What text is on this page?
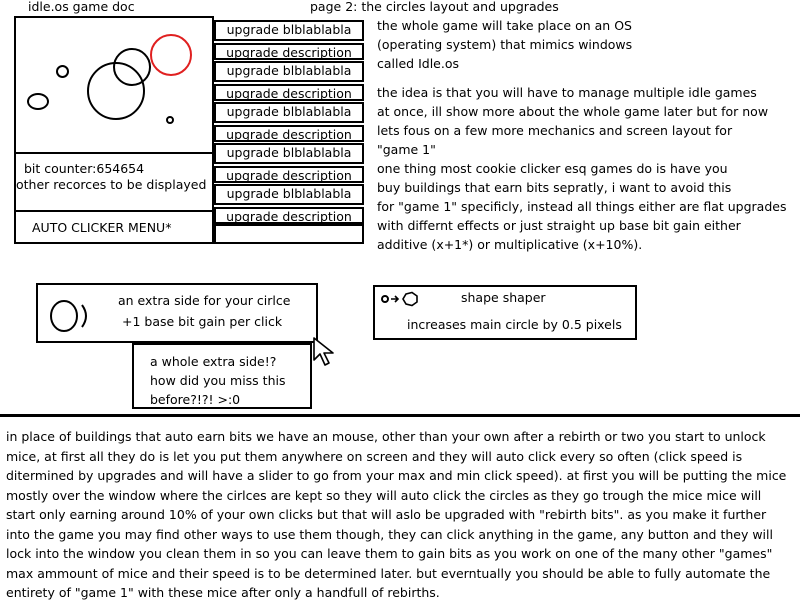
idle.os game doc	page 2: the circles layout and upgrades
bit counter:654654
other recorces to be displayed
AUTO CLICKER MENU*
upgrade blblablabla
upgrade description
upgrade blblablabla
upgrade description
upgrade blblablabla
upgrade description
upgrade blblablabla
upgrade description
upgrade blblablabla
upgrade description
the whole game will take place on an OS
(operating system) that mimics windows
called Idle.os
the idea is that you will have to manage multiple idle games
at once, ill show more about the whole game later but for now
lets fous on a few more mechanics and screen layout for
"game 1"
one thing most cookie clicker esq games do is have you
buy buildings that earn bits sepratly, i want to avoid this
for "game 1" specificly, instead all things either are flat upgrades
with differnt effects or just straight up base bit gain either
additive (x+1*) or multiplicative (x+10%).
an extra side for your cirlce
+1 base bit gain per click
a whole extra side!?
how did you miss this
before?!?! >:0
shape shaper
increases main circle by 0.5 pixels
in place of buildings that auto earn bits we have an mouse, other than your own after a rebirth or two you start to unlock mice, at first all they do is let you put them anywhere on screen and they will auto click every so often (click speed is ditermined by upgrades and will have a slider to go from your max and min click speed). at first you will be putting the mice mostly over the window where the cirlces are kept so they will auto click the circles as they go trough the mice mice will start only earning around 10% of your own clicks but that will aslo be upgraded with "rebirth bits". as you make it further into the game you may find other ways to use them though, they can click anything in the game, any button and they will lock into the window you clean them in so you can leave them to gain bits as you work on one of the many other "games" max ammount of mice and their speed is to be determined later. but everntually you should be able to fully automate the entirety of "game 1" with these mice after only a handfull of rebirths.
